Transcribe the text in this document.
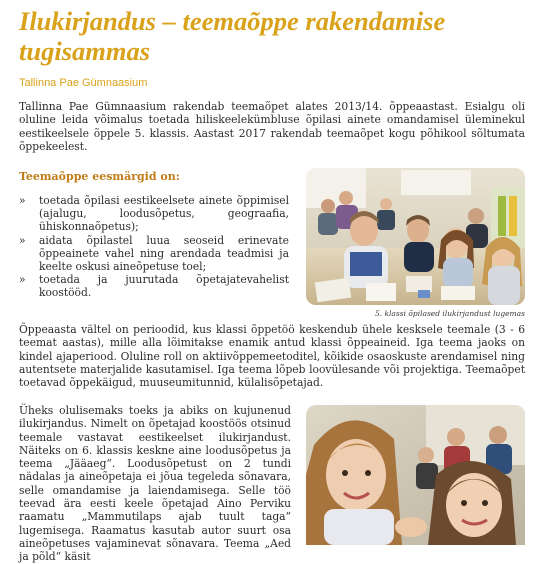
Ilukirjandus – teemaõppe rakendamise tugisammas
Tallinna Pae Gümnaasium

Tallinna Pae Gümnaasium rakendab teemaõpet alates 2013/14. õppeaastast. Esialgu oli oluline leida võimalus toetada hiliskeelekümbluse õpilasi ainete omandamisel üleminekul eestikeelsele õppele 5. klassis. Aastast 2017 rakendab teemaõpet kogu põhikool sõltumata õppekeelest.

Teemaõppe eesmärgid on:
» toetada õpilasi eestikeelsete ainete õppimisel (ajalugu, loodusõpetus, geograafia, ühiskonnaõpetus);
» aidata õpilastel luua seoseid erinevate õppeainete vahel ning arendada teadmisi ja keelte oskusi aineõpetuse toel;
» toetada ja juurutada õpetajatevahelist koostööd.
5. klassi õpilased ilukirjandust lugemas

Õppeaasta vältel on perioodid, kus klassi õppetöö keskendub ühele kesksele teemale (3 - 6 teemat aastas), mille alla lõimitakse enamik antud klassi õppeaineid. Iga teema jaoks on kindel ajaperiood. Oluline roll on aktiivõppemeetoditel, kõikide osaoskuste arendamisel ning autentsete materjalide kasutamisel. Iga teema lõpeb loovülesande või projektiga. Teemaõpet toetavad õppekäigud, muuseumitunnid, külalisõpetajad.

Üheks olulisemaks toeks ja abiks on kujunenud ilukirjandus. Nimelt on õpetajad koostöös otsinud teemale vastavat eestikeelset ilukirjandust. Näiteks on 6. klassis keskne aine loodusõpetus ja teema „Jääaeg“. Loodusõpetust on 2 tundi nädalas ja aineõpetaja ei jõua tegeleda sõnavara, selle omandamise ja laiendamisega. Selle töö teevad ära eesti keele õpetajad Aino Perviku raamatu „Mammutilaps ajab tuult taga“ lugemisega. Raamatus kasutab autor suurt osa aineõpetuses vajaminevat sõnavara. Teema „Aed ja põld“ käsit
